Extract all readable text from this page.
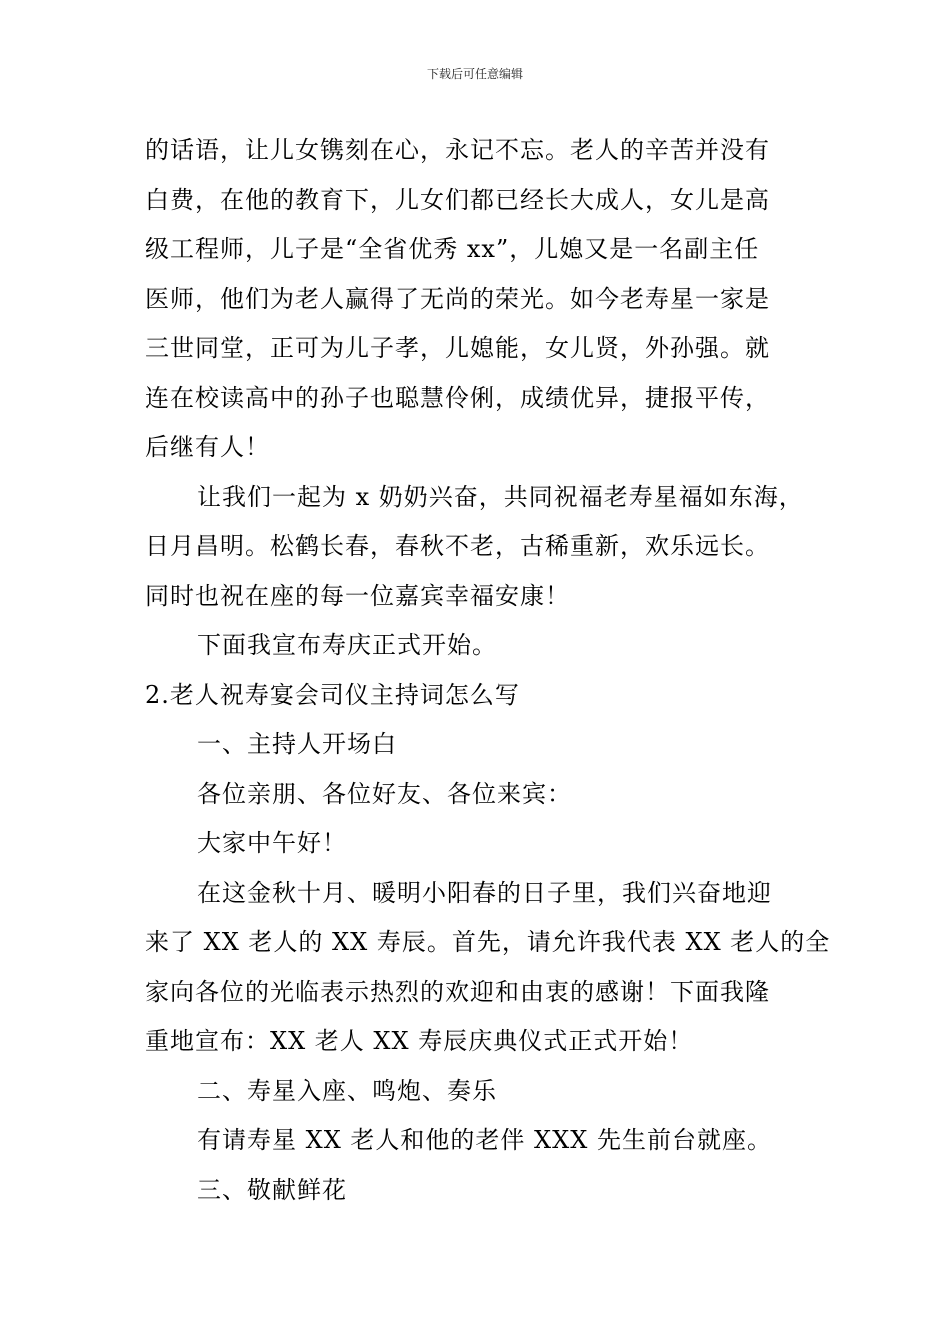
下载后可任意编辑
的话语，让儿女镌刻在心，永记不忘。老人的辛苦并没有
白费，在他的教育下，儿女们都已经长大成人，女儿是高
级工程师，儿子是“全省优秀 xx”，儿媳又是一名副主任
医师，他们为老人赢得了无尚的荣光。如今老寿星一家是
三世同堂，正可为儿子孝，儿媳能，女儿贤，外孙强。就
连在校读高中的孙子也聪慧伶俐，成绩优异，捷报平传，
后继有人！
让我们一起为 x 奶奶兴奋，共同祝福老寿星福如东海，
日月昌明。松鹤长春，春秋不老，古稀重新，欢乐远长。
同时也祝在座的每一位嘉宾幸福安康！
下面我宣布寿庆正式开始。
2.老人祝寿宴会司仪主持词怎么写
一、主持人开场白
各位亲朋、各位好友、各位来宾：
大家中午好！
在这金秋十月、暖明小阳春的日子里，我们兴奋地迎
来了 XX 老人的 XX 寿辰。首先，请允许我代表 XX 老人的全
家向各位的光临表示热烈的欢迎和由衷的感谢！下面我隆
重地宣布：XX 老人 XX 寿辰庆典仪式正式开始！
二、寿星入座、鸣炮、奏乐
有请寿星 XX 老人和他的老伴 XXX 先生前台就座。
三、敬献鲜花
